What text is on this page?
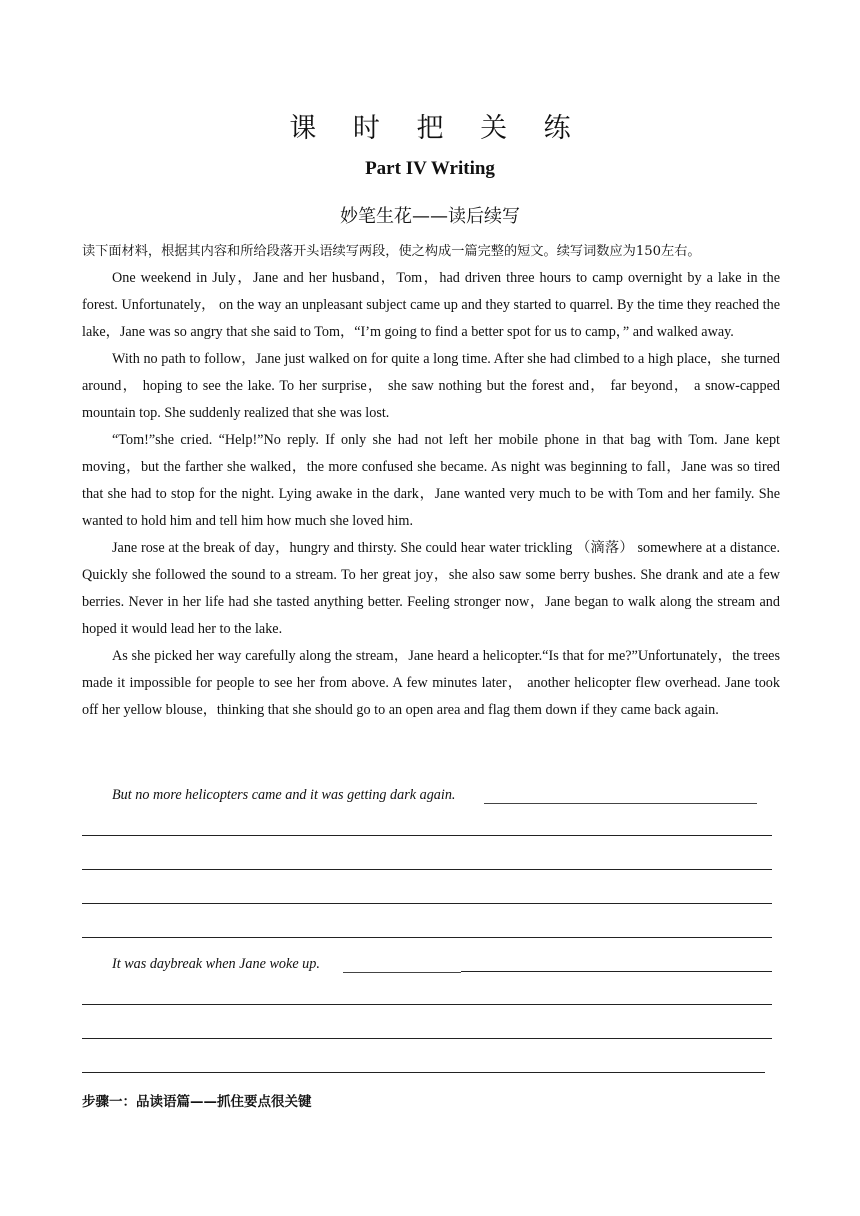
课 时 把 关 练
Part IV Writing
妙笔生花——读后续写
读下面材料，根据其内容和所给段落开头语续写两段，使之构成一篇完整的短文。续写词数应为150左右。

One weekend in July，Jane and her husband，Tom，had driven three hours to camp overnight by a lake in the forest. Unfortunately， on the way an unpleasant subject came up and they started to quarrel. By the time they reached the lake，Jane was so angry that she said to Tom，“I’m going to find a better spot for us to camp，” and walked away.

With no path to follow，Jane just walked on for quite a long time. After she had climbed to a high place，she turned around， hoping to see the lake. To her surprise， she saw nothing but the forest and， far beyond， a snow-capped mountain top. She suddenly realized that she was lost.

“Tom!”she cried. “Help!”No reply. If only she had not left her mobile phone in that bag with Tom. Jane kept moving，but the farther she walked，the more confused she became. As night was beginning to fall，Jane was so tired that she had to stop for the night. Lying awake in the dark，Jane wanted very much to be with Tom and her family. She wanted to hold him and tell him how much she loved him.

Jane rose at the break of day，hungry and thirsty. She could hear water trickling （滴落） somewhere at a distance. Quickly she followed the sound to a stream. To her great joy，she also saw some berry bushes. She drank and ate a few berries. Never in her life had she tasted anything better. Feeling stronger now，Jane began to walk along the stream and hoped it would lead her to the lake.

As she picked her way carefully along the stream，Jane heard a helicopter.“Is that for me?”Unfortunately，the trees made it impossible for people to see her from above. A few minutes later， another helicopter flew overhead. Jane took off her yellow blouse，thinking that she should go to an open area and flag them down if they came back again.

But no more helicopters came and it was getting dark again.
It was daybreak when Jane woke up.
步骤一：品读语篇——抓住要点很关键
